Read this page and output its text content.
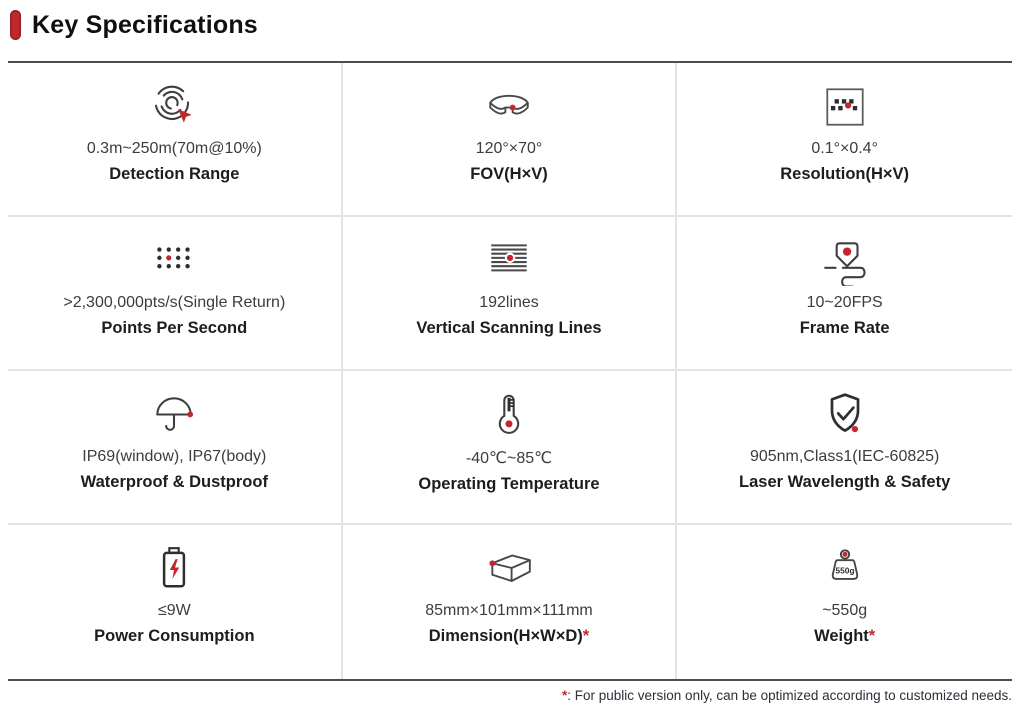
Key Specifications
0.3m~250m(70m@10%)
Detection Range
120°×70°
FOV(H×V)
0.1°×0.4°
Resolution(H×V)
>2,300,000pts/s(Single Return)
Points Per Second
192lines
Vertical Scanning Lines
10~20FPS
Frame Rate
IP69(window), IP67(body)
Waterproof & Dustproof
-40℃~85℃
Operating Temperature
905nm,Class1(IEC-60825)
Laser Wavelength & Safety
≤9W
Power Consumption
85mm×101mm×111mm
Dimension(H×W×D)*
550g
~550g
Weight*
*: For public version only, can be optimized according to customized needs.
